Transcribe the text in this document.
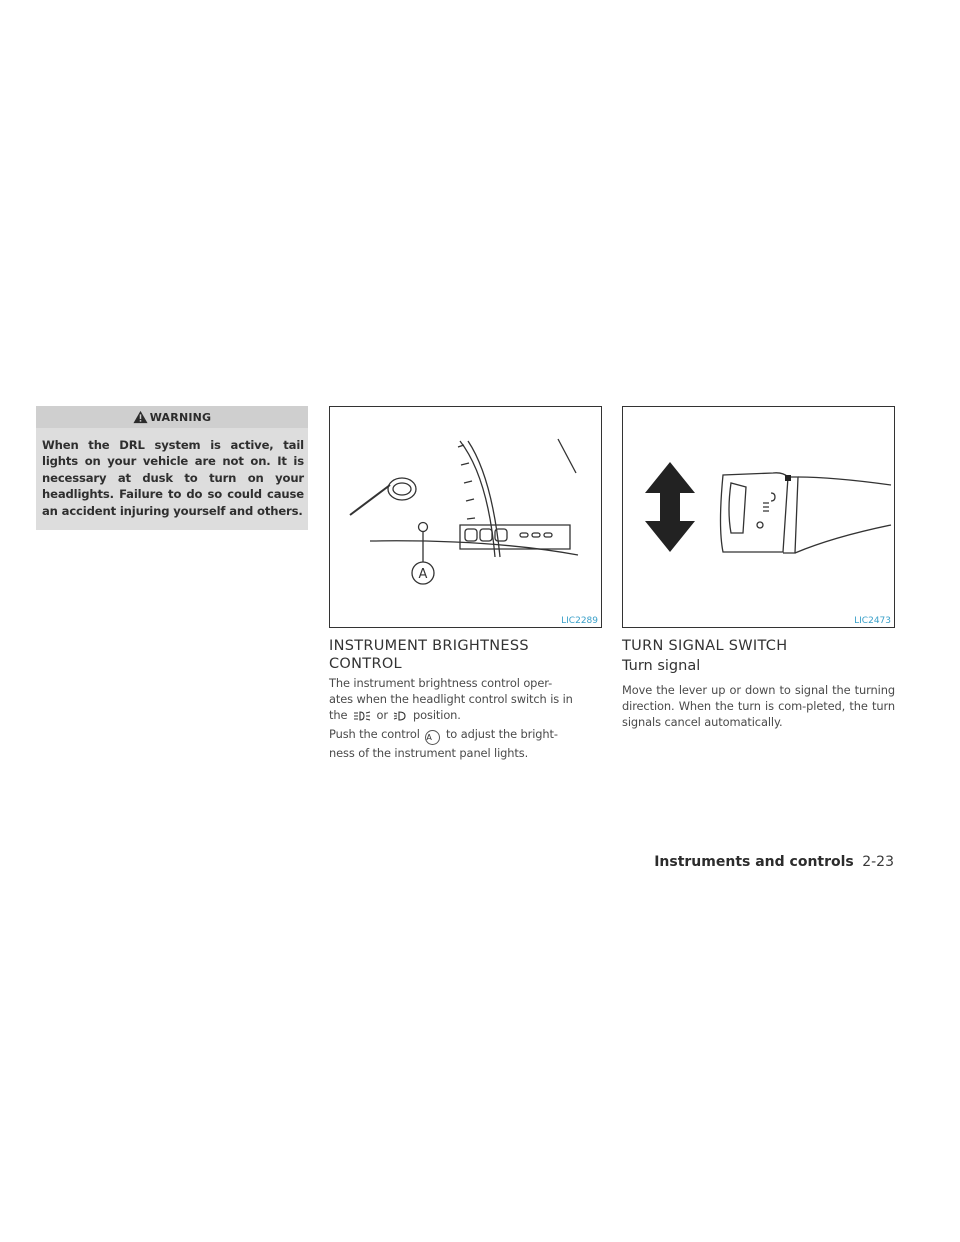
WARNING
When the DRL system is active, tail lights on your vehicle are not on. It is necessary at dusk to turn on your headlights. Failure to do so could cause an accident injuring yourself and others.
A
LIC2289	LIC2473
INSTRUMENT BRIGHTNESS
CONTROL
The instrument brightness control oper-
ates when the headlight control switch is in
the	or position.
Push the control A to adjust the bright-
ness of the instrument panel lights.
TURN SIGNAL SWITCH
Turn signal
Move the lever up or down to signal the turning direction. When the turn is com-pleted, the turn signals cancel automatically.
Instruments and controls 2-23
